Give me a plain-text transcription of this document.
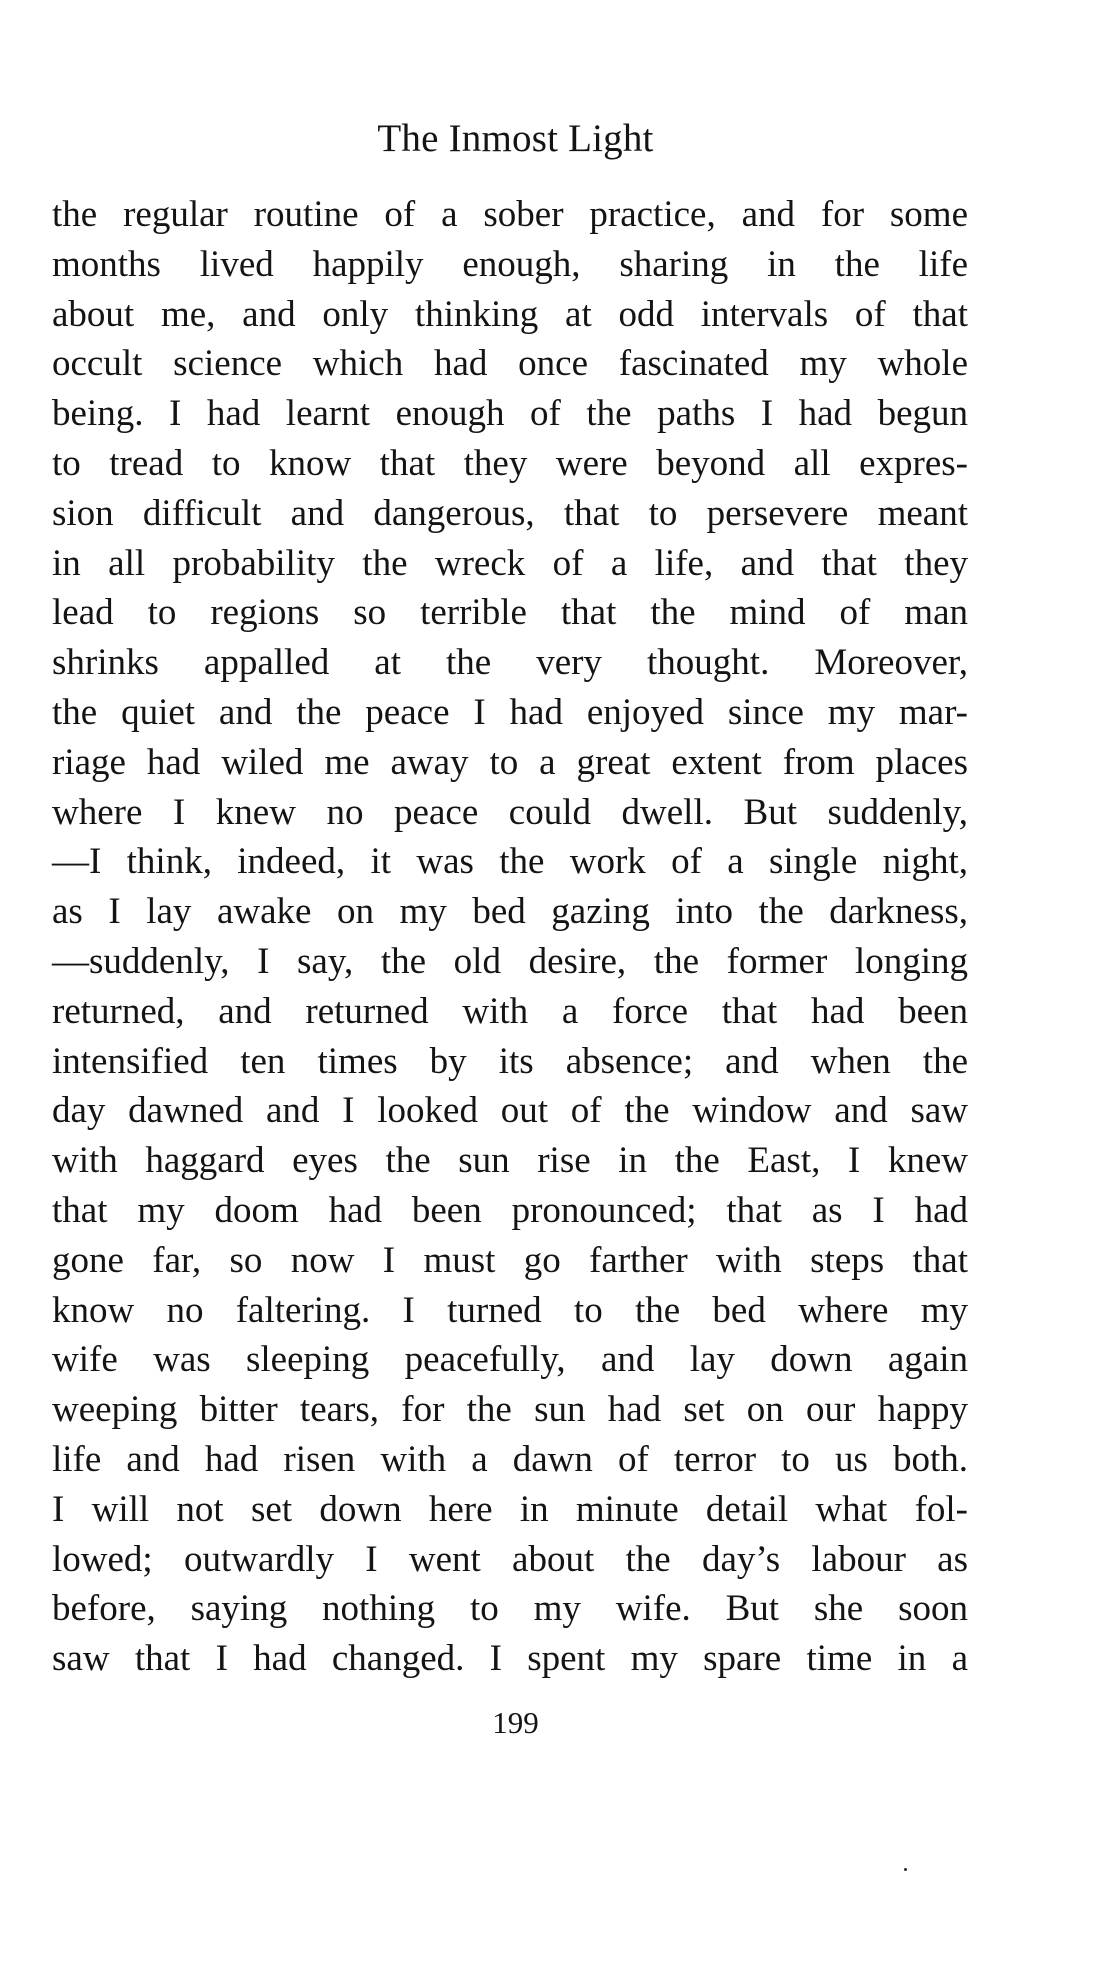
The Inmost Light
the regular routine of a sober practice, and for some
months lived happily enough, sharing in the life
about me, and only thinking at odd intervals of that
occult science which had once fascinated my whole
being. I had learnt enough of the paths I had begun
to tread to know that they were beyond all expres-
sion difficult and dangerous, that to persevere meant
in all probability the wreck of a life, and that they
lead to regions so terrible that the mind of man
shrinks appalled at the very thought. Moreover,
the quiet and the peace I had enjoyed since my mar-
riage had wiled me away to a great extent from places
where I knew no peace could dwell. But suddenly,
—I think, indeed, it was the work of a single night,
as I lay awake on my bed gazing into the darkness,
—suddenly, I say, the old desire, the former longing
returned, and returned with a force that had been
intensified ten times by its absence; and when the
day dawned and I looked out of the window and saw
with haggard eyes the sun rise in the East, I knew
that my doom had been pronounced; that as I had
gone far, so now I must go farther with steps that
know no faltering. I turned to the bed where my
wife was sleeping peacefully, and lay down again
weeping bitter tears, for the sun had set on our happy
life and had risen with a dawn of terror to us both.
I will not set down here in minute detail what fol-
lowed; outwardly I went about the day’s labour as
before, saying nothing to my wife. But she soon
saw that I had changed. I spent my spare time in a
199
